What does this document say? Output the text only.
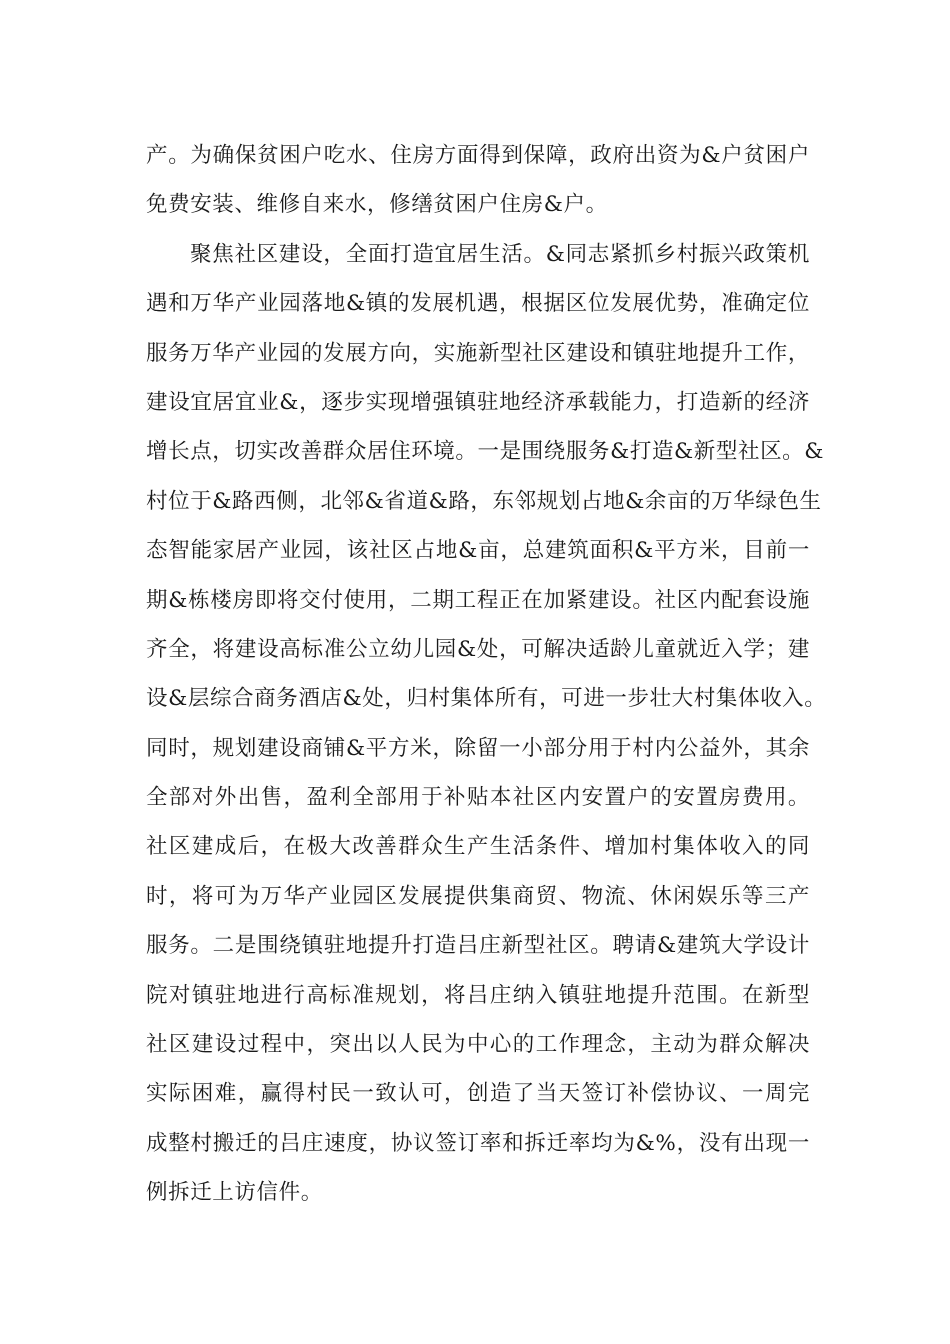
产。为确保贫困户吃水、住房方面得到保障，政府出资为&户贫困户
免费安装、维修自来水，修缮贫困户住房&户。
聚焦社区建设，全面打造宜居生活。&同志紧抓乡村振兴政策机
遇和万华产业园落地&镇的发展机遇，根据区位发展优势，准确定位
服务万华产业园的发展方向，实施新型社区建设和镇驻地提升工作，
建设宜居宜业&，逐步实现增强镇驻地经济承载能力，打造新的经济
增长点，切实改善群众居住环境。一是围绕服务&打造&新型社区。&
村位于&路西侧，北邻&省道&路，东邻规划占地&余亩的万华绿色生
态智能家居产业园，该社区占地&亩，总建筑面积&平方米，目前一
期&栋楼房即将交付使用，二期工程正在加紧建设。社区内配套设施
齐全，将建设高标准公立幼儿园&处，可解决适龄儿童就近入学；建
设&层综合商务酒店&处，归村集体所有，可进一步壮大村集体收入。
同时，规划建设商铺&平方米，除留一小部分用于村内公益外，其余
全部对外出售，盈利全部用于补贴本社区内安置户的安置房费用。
社区建成后，在极大改善群众生产生活条件、增加村集体收入的同
时，将可为万华产业园区发展提供集商贸、物流、休闲娱乐等三产
服务。二是围绕镇驻地提升打造吕庄新型社区。聘请&建筑大学设计
院对镇驻地进行高标准规划，将吕庄纳入镇驻地提升范围。在新型
社区建设过程中，突出以人民为中心的工作理念，主动为群众解决
实际困难，赢得村民一致认可，创造了当天签订补偿协议、一周完
成整村搬迁的吕庄速度，协议签订率和拆迁率均为&%，没有出现一
例拆迁上访信件。
